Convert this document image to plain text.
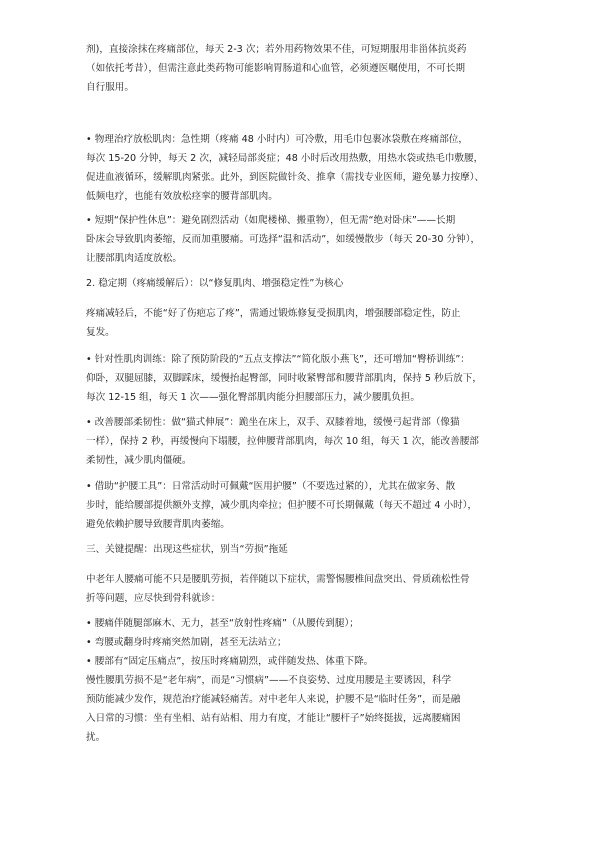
剂)，直接涂抹在疼痛部位，每天 2-3 次；若外用药物效果不佳，可短期服用非甾体抗炎药
（如依托考昔），但需注意此类药物可能影响胃肠道和心血管，必须遵医嘱使用，不可长期
自行服用。
• 物理治疗放松肌肉：急性期（疼痛 48 小时内）可冷敷，用毛巾包裹冰袋敷在疼痛部位，
每次 15-20 分钟，每天 2 次，减轻局部炎症；48 小时后改用热敷，用热水袋或热毛巾敷腰，
促进血液循环，缓解肌肉紧张。此外，到医院做针灸、推拿（需找专业医师，避免暴力按摩）、
低频电疗，也能有效放松痉挛的腰背部肌肉。
• 短期“保护性休息”：避免剧烈活动（如爬楼梯、搬重物），但无需“绝对卧床”——长期
卧床会导致肌肉萎缩，反而加重腰痛。可选择“温和活动”，如缓慢散步（每天 20-30 分钟），
让腰部肌肉适度放松。
2. 稳定期（疼痛缓解后）：以“修复肌肉、增强稳定性”为核心
疼痛减轻后，不能“好了伤疤忘了疼”，需通过锻炼修复受损肌肉，增强腰部稳定性，防止
复发。
• 针对性肌肉训练：除了预防阶段的“五点支撑法”“简化版小燕飞”，还可增加“臀桥训练”：
仰卧，双腿屈膝，双脚踩床，缓慢抬起臀部，同时收紧臀部和腰背部肌肉，保持 5 秒后放下，
每次 12-15 组，每天 1 次——强化臀部肌肉能分担腰部压力，减少腰肌负担。
• 改善腰部柔韧性：做“猫式伸展”：跪坐在床上，双手、双膝着地，缓慢弓起背部（像猫
一样），保持 2 秒，再缓慢向下塌腰，拉伸腰背部肌肉，每次 10 组，每天 1 次，能改善腰部
柔韧性，减少肌肉僵硬。
• 借助“护腰工具”：日常活动时可佩戴“医用护腰”（不要选过紧的），尤其在做家务、散
步时，能给腰部提供额外支撑，减少肌肉牵拉；但护腰不可长期佩戴（每天不超过 4 小时），
避免依赖护腰导致腰背肌肉萎缩。
三、关键提醒：出现这些症状，别当“劳损”拖延
中老年人腰痛可能不只是腰肌劳损，若伴随以下症状，需警惕腰椎间盘突出、骨质疏松性骨
折等问题，应尽快到骨科就诊：
• 腰痛伴随腿部麻木、无力，甚至“放射性疼痛”（从腰传到腿）；
• 弯腰或翻身时疼痛突然加剧，甚至无法站立；
• 腰部有“固定压痛点”，按压时疼痛剧烈，或伴随发热、体重下降。
慢性腰肌劳损不是“老年病”，而是“习惯病”——不良姿势、过度用腰是主要诱因，科学
预防能减少发作，规范治疗能减轻痛苦。对中老年人来说，护腰不是“临时任务”，而是融
入日常的习惯：坐有坐相、站有站相、用力有度，才能让“腰杆子”始终挺拔，远离腰痛困
扰。
